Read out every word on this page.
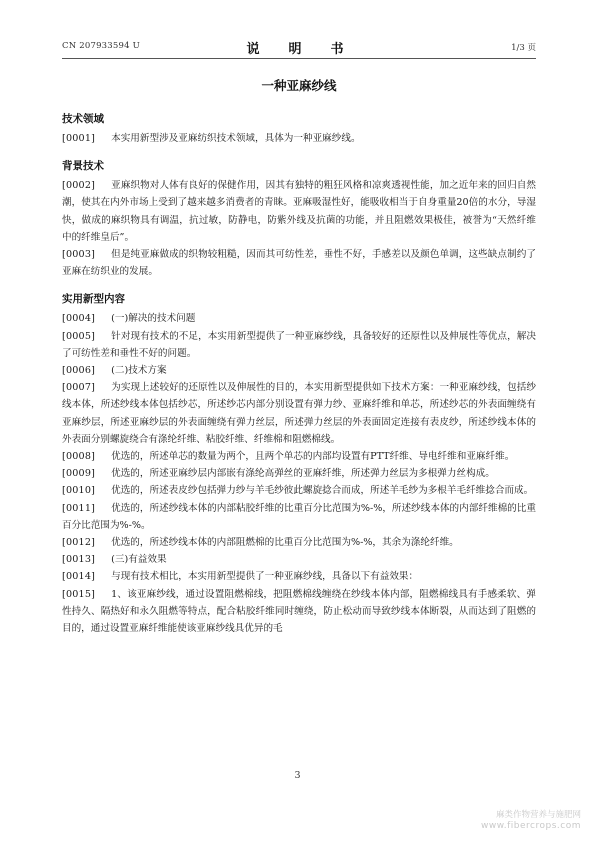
CN 207933594 U	说　明　书	1/3 页
一种亚麻纱线
技术领域

[0001] 本实用新型涉及亚麻纺织技术领域，具体为一种亚麻纱线。

背景技术

[0002] 亚麻织物对人体有良好的保健作用，因其有独特的粗狂风格和凉爽透视性能，加之近年来的回归自然潮，使其在内外市场上受到了越来越多消费者的青睐。亚麻吸湿性好，能吸收相当于自身重量20倍的水分，导湿快，做成的麻织物具有调温，抗过敏，防静电，防紫外线及抗菌的功能，并且阻燃效果极佳，被誉为“天然纤维中的纤维皇后”。

[0003] 但是纯亚麻做成的织物较粗糙，因而其可纺性差，垂性不好，手感差以及颜色单调，这些缺点制约了亚麻在纺织业的发展。

实用新型内容

[0004] (一)解决的技术问题

[0005] 针对现有技术的不足，本实用新型提供了一种亚麻纱线，具备较好的还原性以及伸展性等优点，解决了可纺性差和垂性不好的问题。

[0006] (二)技术方案

[0007] 为实现上述较好的还原性以及伸展性的目的，本实用新型提供如下技术方案：一种亚麻纱线，包括纱线本体，所述纱线本体包括纱芯，所述纱芯内部分别设置有弹力纱、亚麻纤维和单芯，所述纱芯的外表面缠绕有亚麻纱层，所述亚麻纱层的外表面缠绕有弹力丝层，所述弹力丝层的外表面固定连接有表皮纱，所述纱线本体的外表面分别螺旋绕合有涤纶纤维、粘胶纤维、纤维棉和阻燃棉线。

[0008] 优选的，所述单芯的数量为两个，且两个单芯的内部均设置有PTT纤维、导电纤维和亚麻纤维。

[0009] 优选的，所述亚麻纱层内部嵌有涤纶高弹丝的亚麻纤维，所述弹力丝层为多根弹力丝构成。

[0010] 优选的，所述表皮纱包括弹力纱与羊毛纱彼此螺旋捻合而成，所述羊毛纱为多根羊毛纤维捻合而成。

[0011] 优选的，所述纱线本体的内部粘胶纤维的比重百分比范围为%-%，所述纱线本体的内部纤维棉的比重百分比范围为%-%。

[0012] 优选的，所述纱线本体的内部阻燃棉的比重百分比范围为%-%，其余为涤纶纤维。

[0013] (三)有益效果

[0014] 与现有技术相比，本实用新型提供了一种亚麻纱线，具备以下有益效果：

[0015] 1、该亚麻纱线，通过设置阻燃棉线，把阻燃棉线缠绕在纱线本体内部，阻燃棉线具有手感柔软、弹性持久、隔热好和永久阻燃等特点，配合粘胶纤维同时缠绕，防止松动而导致纱线本体断裂，从而达到了阻燃的目的，通过设置亚麻纤维能使该亚麻纱线具优异的毛

3
麻类作物营养与施肥网
www.fibercrops.com
